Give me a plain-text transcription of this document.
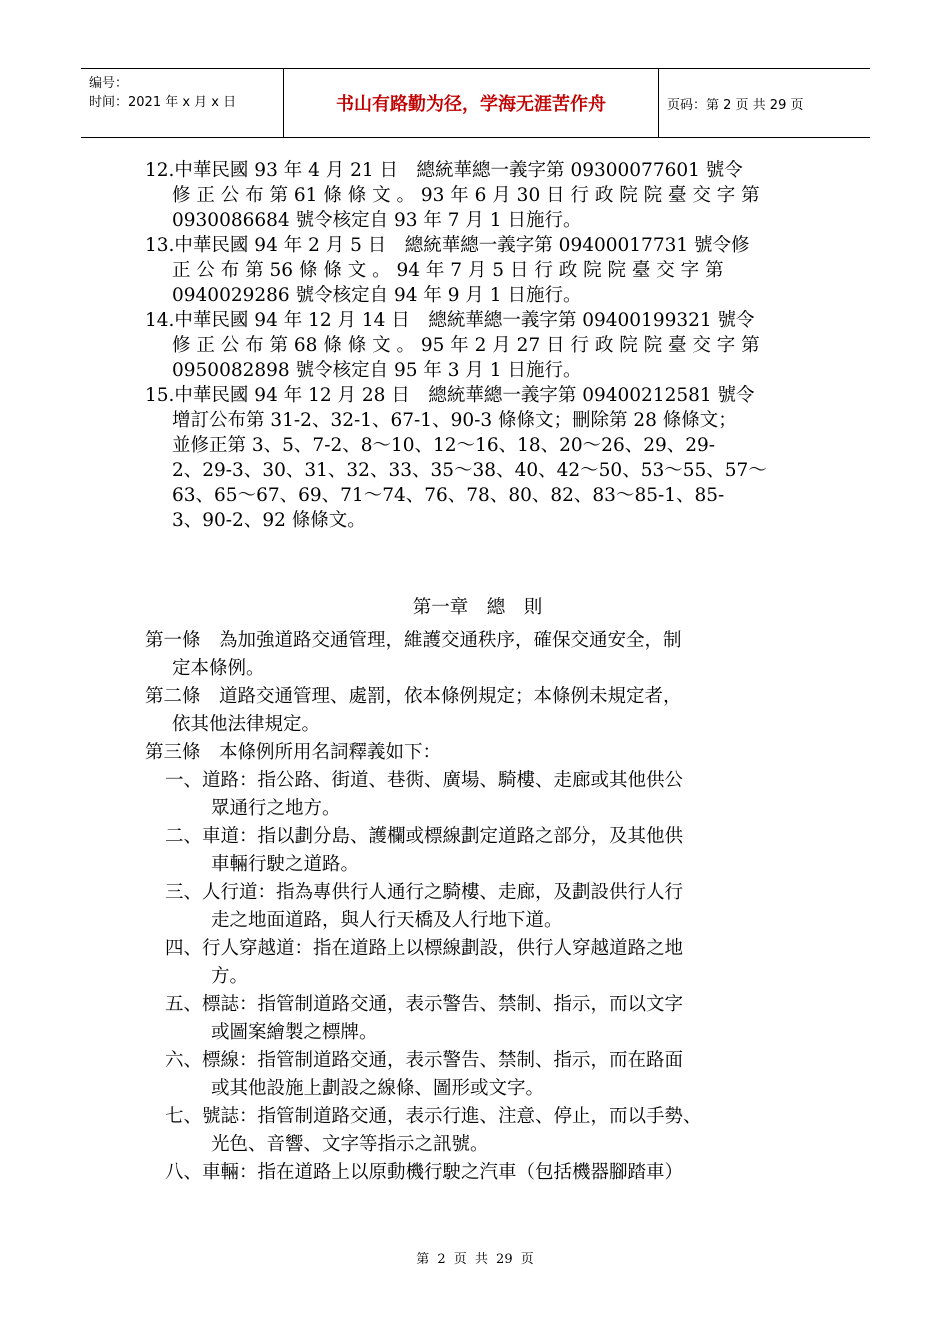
编号：
时间：2021 年 x 月 x 日	书山有路勤为径，学海无涯苦作舟	页码：第 2 页 共 29 页
12.中華民國 93 年 4 月 21 日　總統華總一義字第 09300077601 號令
修 正 公 布 第 61 條 條 文 。 93 年 6 月 30 日 行 政 院 院 臺 交 字 第
0930086684 號令核定自 93 年 7 月 1 日施行。
13.中華民國 94 年 2 月 5 日　總統華總一義字第 09400017731 號令修
正 公 布 第 56 條 條 文 。 94 年 7 月 5 日 行 政 院 院 臺 交 字 第
0940029286 號令核定自 94 年 9 月 1 日施行。
14.中華民國 94 年 12 月 14 日　總統華總一義字第 09400199321 號令
修 正 公 布 第 68 條 條 文 。 95 年 2 月 27 日 行 政 院 院 臺 交 字 第
0950082898 號令核定自 95 年 3 月 1 日施行。
15.中華民國 94 年 12 月 28 日　總統華總一義字第 09400212581 號令
增訂公布第 31-2、32-1、67-1、90-3 條條文；刪除第 28 條條文；
並修正第 3、5、7-2、8～10、12～16、18、20～26、29、29-
2、29-3、30、31、32、33、35～38、40、42～50、53～55、57～
63、65～67、69、71～74、76、78、80、82、83～85-1、85-
3、90-2、92 條條文。
第一章　總　則
第一條　為加強道路交通管理，維護交通秩序，確保交通安全，制
定本條例。
第二條　道路交通管理、處罰，依本條例規定；本條例未規定者，
依其他法律規定。
第三條　本條例所用名詞釋義如下：
一、道路：指公路、街道、巷衖、廣場、騎樓、走廊或其他供公
眾通行之地方。
二、車道：指以劃分島、護欄或標線劃定道路之部分，及其他供
車輛行駛之道路。
三、人行道：指為專供行人通行之騎樓、走廊，及劃設供行人行
走之地面道路，與人行天橋及人行地下道。
四、行人穿越道：指在道路上以標線劃設，供行人穿越道路之地
方。
五、標誌：指管制道路交通，表示警告、禁制、指示，而以文字
或圖案繪製之標牌。
六、標線：指管制道路交通，表示警告、禁制、指示，而在路面
或其他設施上劃設之線條、圖形或文字。
七、號誌：指管制道路交通，表示行進、注意、停止，而以手勢、
光色、音響、文字等指示之訊號。
八、車輛：指在道路上以原動機行駛之汽車（包括機器腳踏車）
第 2 页 共 29 页
